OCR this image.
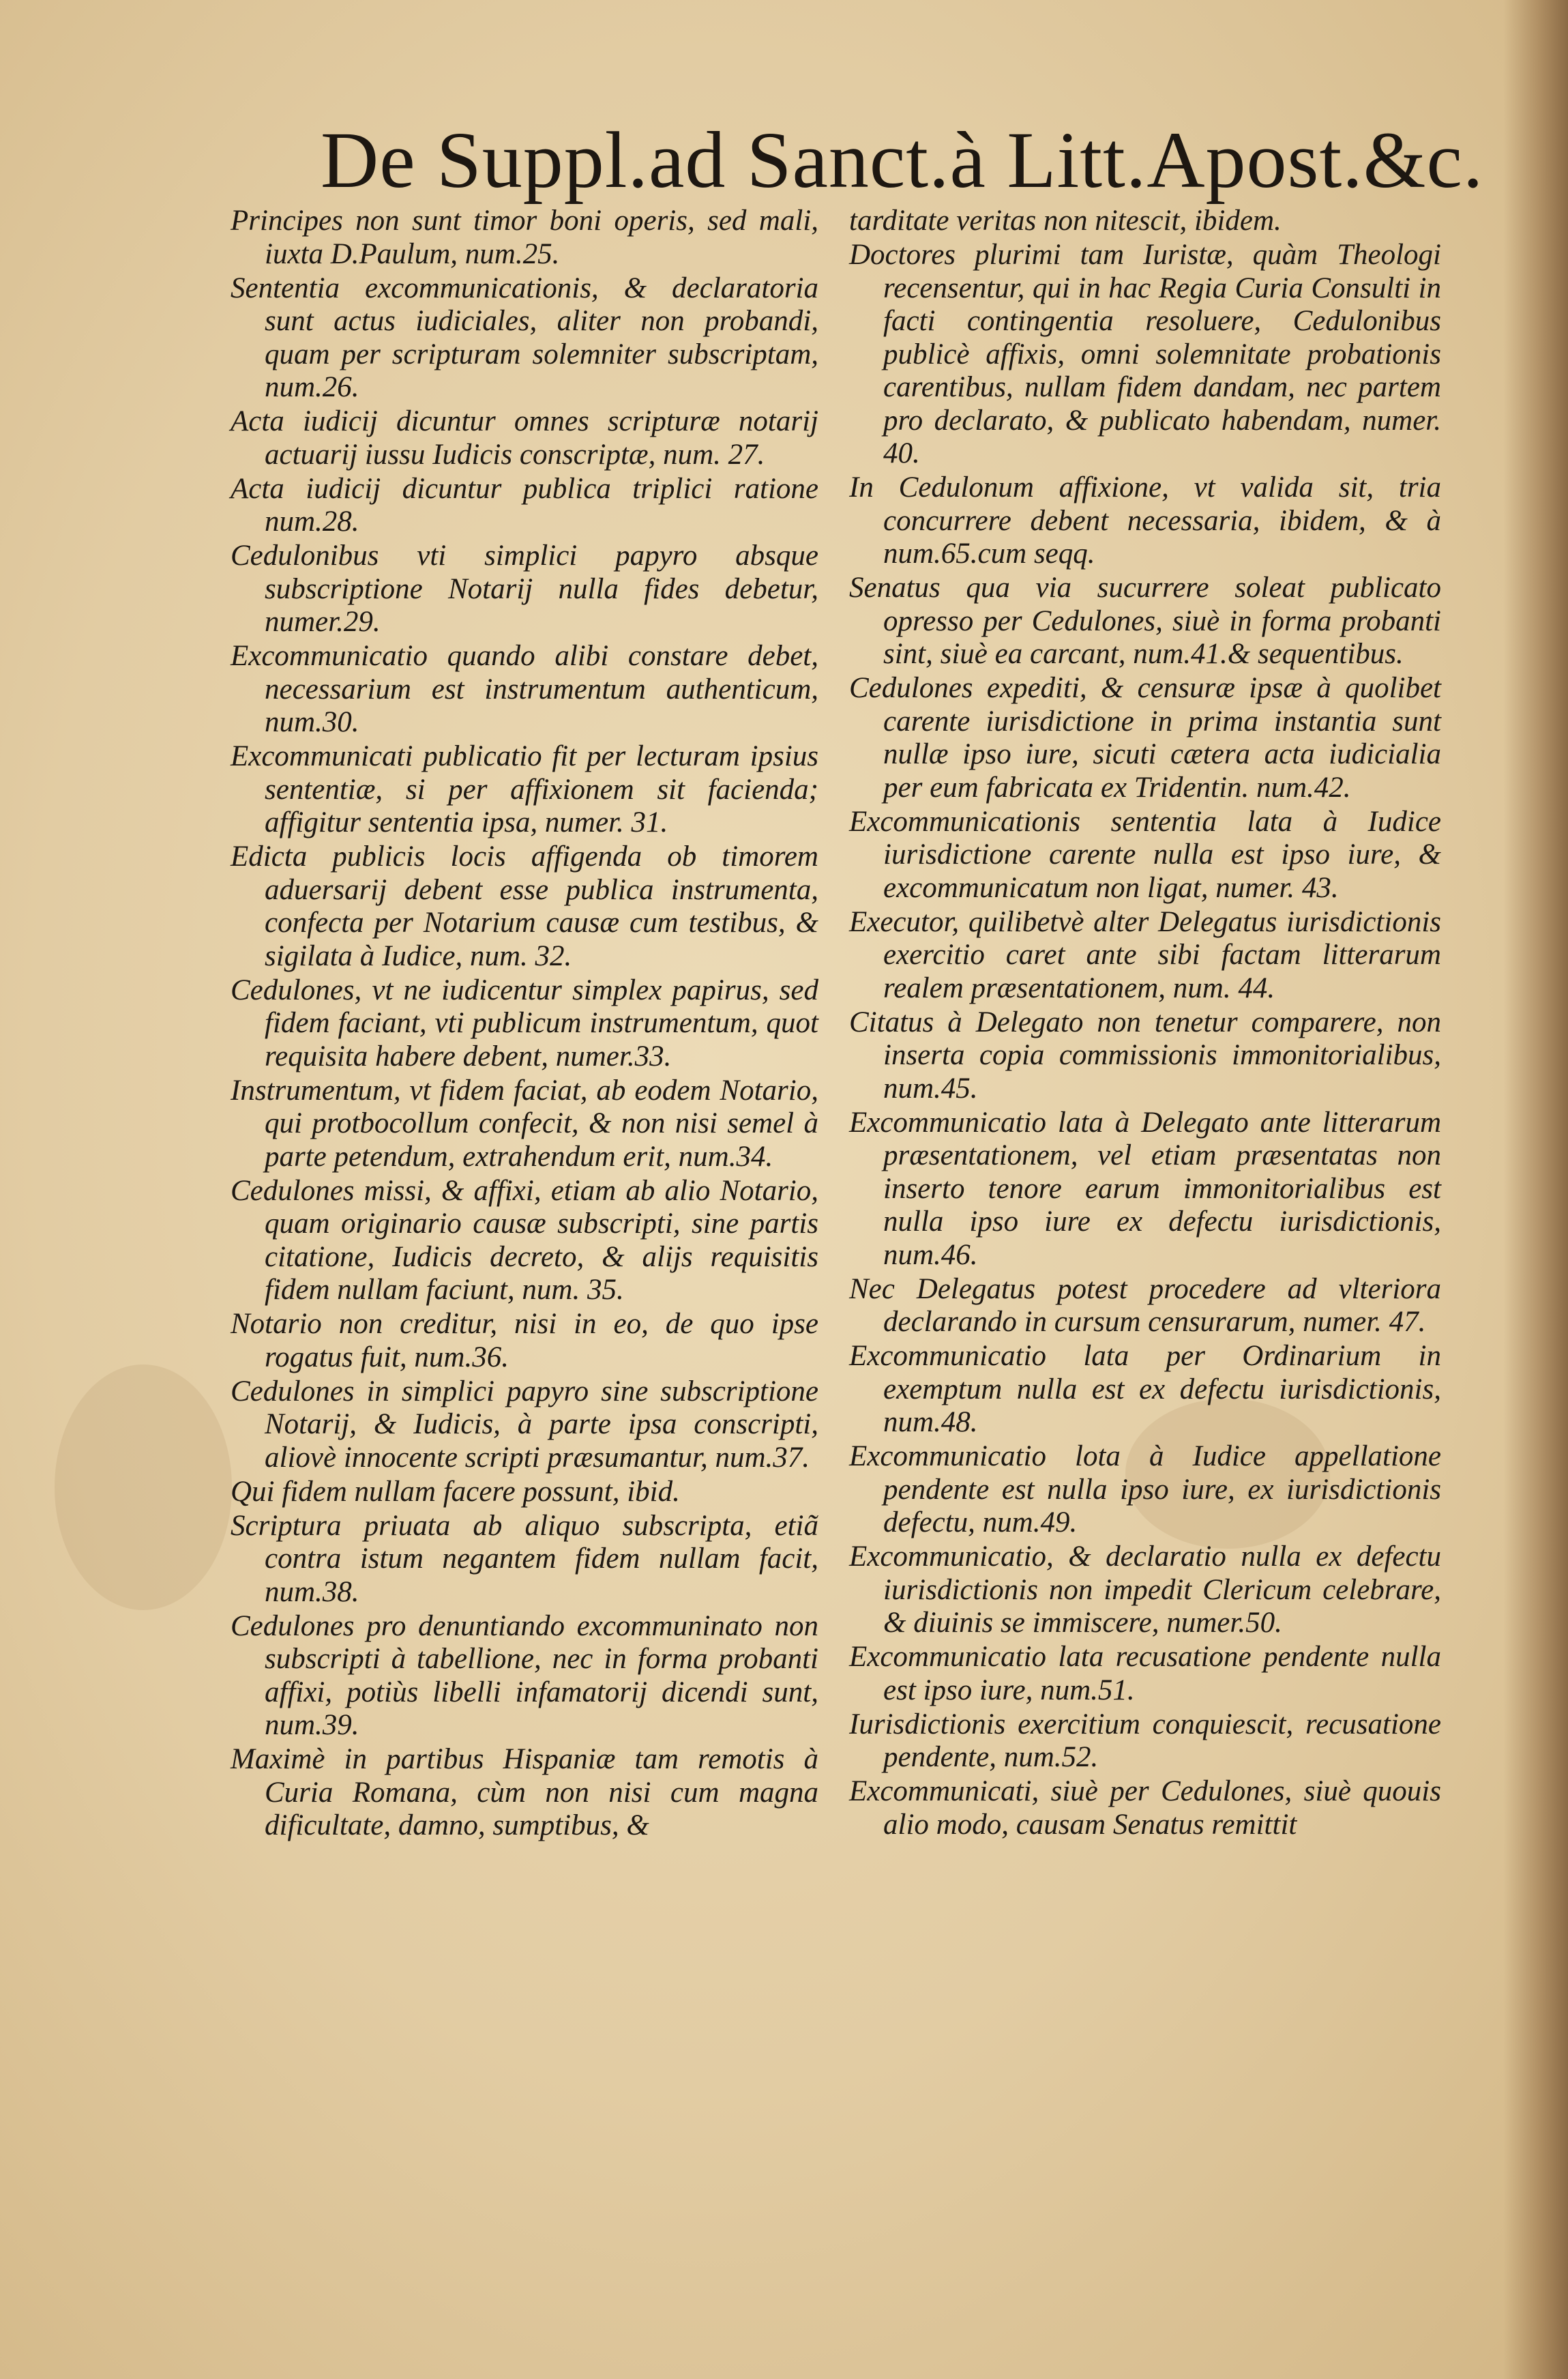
De Suppl.ad Sanct.à Litt.Apost.&c.

Principes non sunt timor boni operis, sed mali, iuxta D.Paulum, num.25.

Sententia excommunicationis, & declaratoria sunt actus iudiciales, aliter non probandi, quam per scripturam solemniter subscriptam, num.26.

Acta iudicij dicuntur omnes scripturæ notarij actuarij iussu Iudicis conscriptæ, num. 27.

Acta iudicij dicuntur publica triplici ratione num.28.

Cedulonibus vti simplici papyro absque subscriptione Notarij nulla fides debetur, numer.29.

Excommunicatio quando alibi constare debet, necessarium est instrumentum authenticum, num.30.

Excommunicati publicatio fit per lecturam ipsius sententiæ, si per affixionem sit facienda; affigitur sententia ipsa, numer. 31.

Edicta publicis locis affigenda ob timorem aduersarij debent esse publica instrumenta, confecta per Notarium causæ cum testibus, & sigilata à Iudice, num. 32.

Cedulones, vt ne iudicentur simplex papirus, sed fidem faciant, vti publicum instrumentum, quot requisita habere debent, numer.33.

Instrumentum, vt fidem faciat, ab eodem Notario, qui protbocollum confecit, & non nisi semel à parte petendum, extrahendum erit, num.34.

Cedulones missi, & affixi, etiam ab alio Notario, quam originario causæ subscripti, sine partis citatione, Iudicis decreto, & alijs requisitis fidem nullam faciunt, num. 35.

Notario non creditur, nisi in eo, de quo ipse rogatus fuit, num.36.

Cedulones in simplici papyro sine subscriptione Notarij, & Iudicis, à parte ipsa conscripti, aliovè innocente scripti præsumantur, num.37.

Qui fidem nullam facere possunt, ibid.

Scriptura priuata ab aliquo subscripta, etiã contra istum negantem fidem nullam facit, num.38.

Cedulones pro denuntiando excommuninato non subscripti à tabellione, nec in forma probanti affixi, potiùs libelli infamatorij dicendi sunt, num.39.

Maximè in partibus Hispaniæ tam remotis à Curia Romana, cùm non nisi cum magna dificultate, damno, sumptibus, &

tarditate veritas non nitescit, ibidem.

Doctores plurimi tam Iuristæ, quàm Theologi recensentur, qui in hac Regia Curia Consulti in facti contingentia resoluere, Cedulonibus publicè affixis, omni solemnitate probationis carentibus, nullam fidem dandam, nec partem pro declarato, & publicato habendam, numer. 40.

In Cedulonum affixione, vt valida sit, tria concurrere debent necessaria, ibidem, & à num.65.cum seqq.

Senatus qua via sucurrere soleat publicato opresso per Cedulones, siuè in forma probanti sint, siuè ea carcant, num.41.& sequentibus.

Cedulones expediti, & censuræ ipsæ à quolibet carente iurisdictione in prima instantia sunt nullæ ipso iure, sicuti cætera acta iudicialia per eum fabricata ex Tridentin. num.42.

Excommunicationis sententia lata à Iudice iurisdictione carente nulla est ipso iure, & excommunicatum non ligat, numer. 43.

Executor, quilibetvè alter Delegatus iurisdictionis exercitio caret ante sibi factam litterarum realem præsentationem, num. 44.

Citatus à Delegato non tenetur comparere, non inserta copia commissionis immonitorialibus, num.45.

Excommunicatio lata à Delegato ante litterarum præsentationem, vel etiam præsentatas non inserto tenore earum immonitorialibus est nulla ipso iure ex defectu iurisdictionis, num.46.

Nec Delegatus potest procedere ad vlteriora declarando in cursum censurarum, numer. 47.

Excommunicatio lata per Ordinarium in exemptum nulla est ex defectu iurisdictionis, num.48.

Excommunicatio lota à Iudice appellatione pendente est nulla ipso iure, ex iurisdictionis defectu, num.49.

Excommunicatio, & declaratio nulla ex defectu iurisdictionis non impedit Clericum celebrare, & diuinis se immiscere, numer.50.

Excommunicatio lata recusatione pendente nulla est ipso iure, num.51.

Iurisdictionis exercitium conquiescit, recusatione pendente, num.52.

Excommunicati, siuè per Cedulones, siuè quouis alio modo, causam Senatus remittit
